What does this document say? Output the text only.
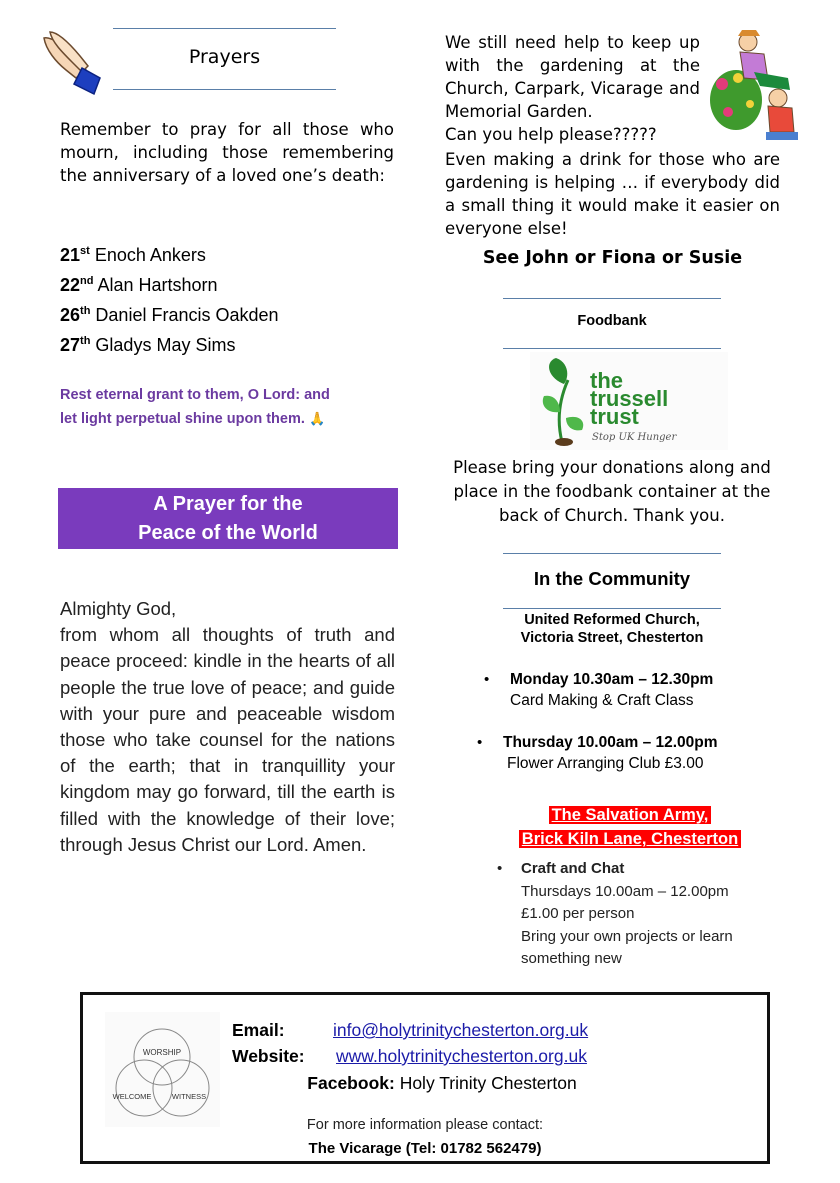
Prayers
Remember to pray for all those who mourn, including those remembering the anniversary of a loved one’s death:
21st Enoch Ankers
22nd Alan Hartshorn
26th Daniel Francis Oakden
27th Gladys May Sims
Rest eternal grant to them, O Lord: and
let light perpetual shine upon them. 🙏
A Prayer for the
Peace of the World
Almighty God,
from whom all thoughts of truth and peace proceed: kindle in the hearts of all people the true love of peace; and guide with your pure and peaceable wisdom those who take counsel for the nations of the earth; that in tranquillity your kingdom may go forward, till the earth is filled with the knowledge of their love; through Jesus Christ our Lord. Amen.
We still need help to keep up with the gardening at the Church, Carpark, Vicarage and Memorial Garden.
Can you help please?????
Even making a drink for those who are gardening is helping … if everybody did a small thing it would make it easier on everyone else!
See John or Fiona or Susie
Foodbank
the
trussell
trust
Stop UK Hunger
Please bring your donations along and place in the foodbank container at the back of Church. Thank you.
In the Community
United Reformed Church,
Victoria Street, Chesterton
• Monday 10.30am – 12.30pm
Card Making & Craft Class
• Thursday 10.00am – 12.00pm
Flower Arranging Club £3.00
The Salvation Army,
Brick Kiln Lane, Chesterton
• Craft and Chat
Thursdays 10.00am – 12.00pm
£1.00 per person
Bring your own projects or learn
something new
WORSHIP
WELCOME	WITNESS
Email:	info@holytrinitychesterton.org.uk
Website: www.holytrinitychesterton.org.uk
Facebook: Holy Trinity Chesterton
For more information please contact:
The Vicarage (Tel: 01782 562479)
